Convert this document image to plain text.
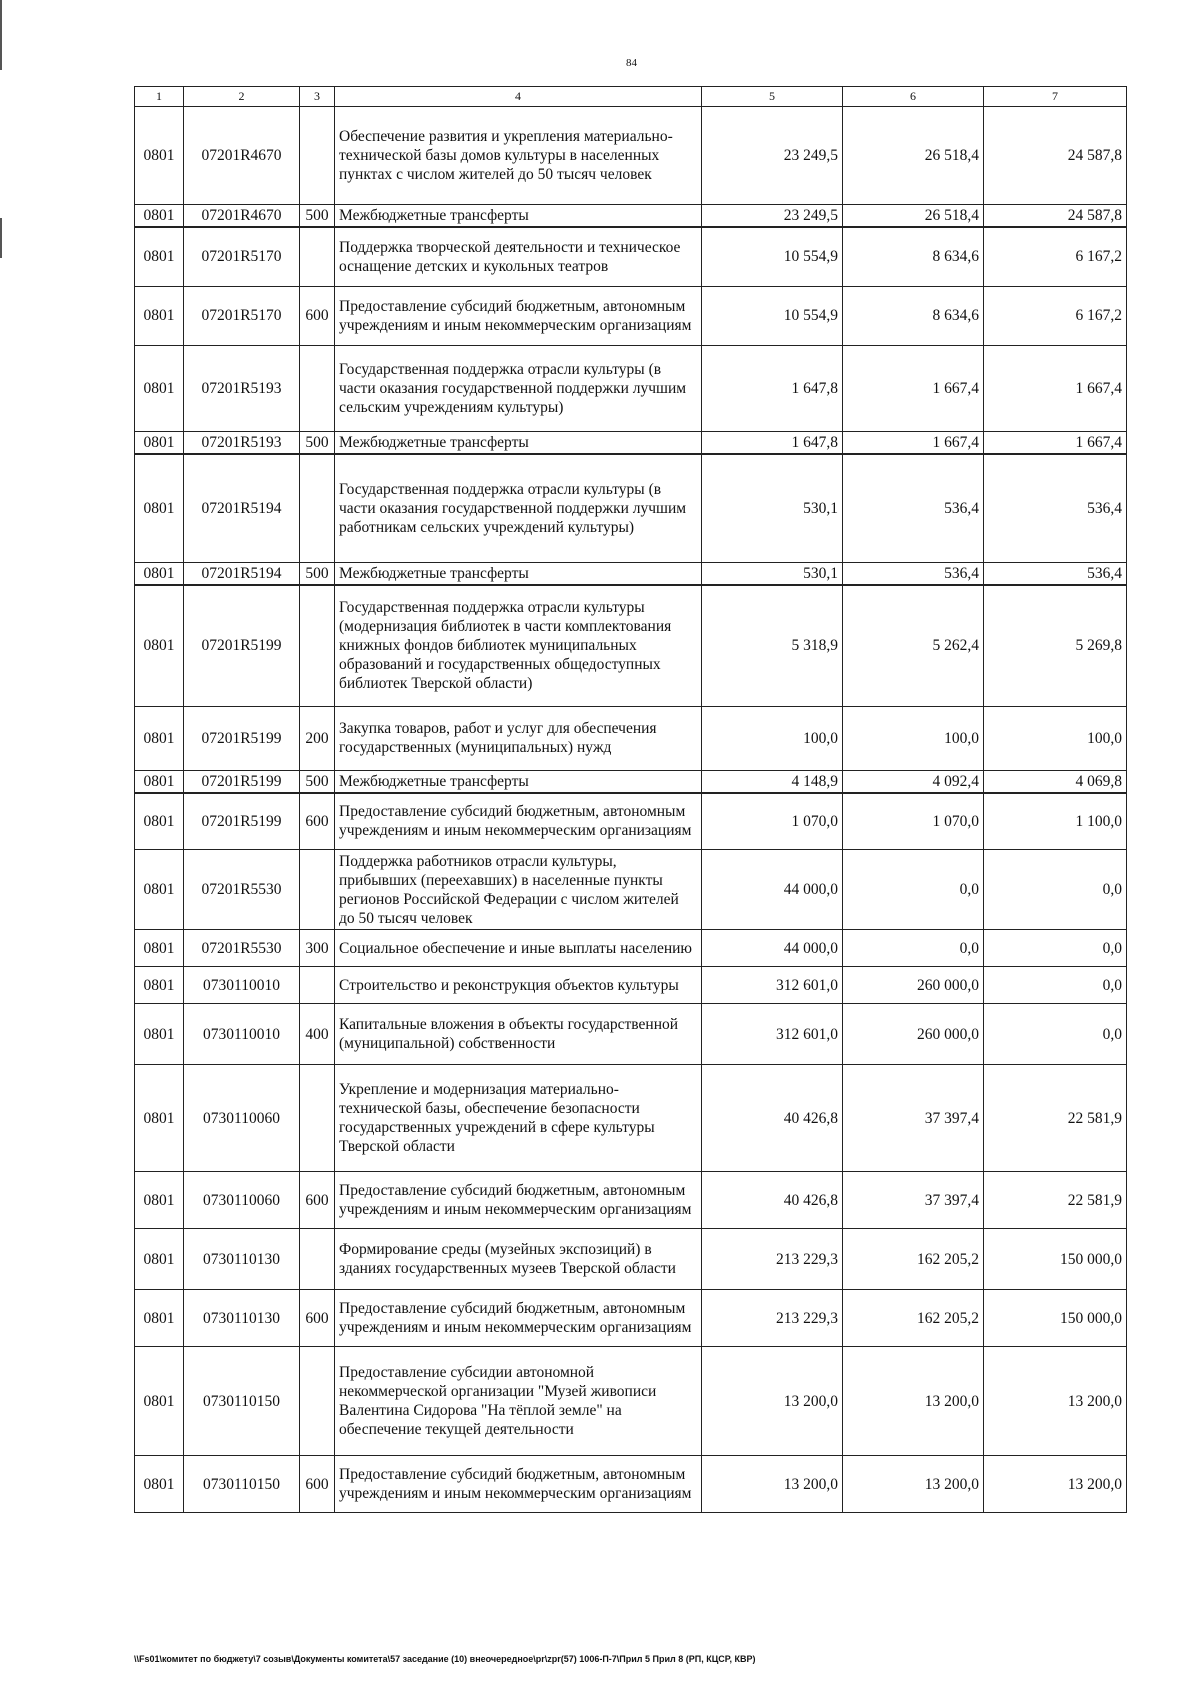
84
1	2	3	4	5	6	7
0801	07201R4670		Обеспечение развития и укрепления материально-технической базы домов культуры в населенных пунктах с числом жителей до 50 тысяч человек	23 249,5	26 518,4	24 587,8
0801	07201R4670	500	Межбюджетные трансферты	23 249,5	26 518,4	24 587,8
0801	07201R5170		Поддержка творческой деятельности и техническое оснащение детских и кукольных театров	10 554,9	8 634,6	6 167,2
0801	07201R5170	600	Предоставление субсидий бюджетным, автономным учреждениям и иным некоммерческим организациям	10 554,9	8 634,6	6 167,2
0801	07201R5193		Государственная поддержка отрасли культуры (в части оказания государственной поддержки лучшим сельским учреждениям культуры)	1 647,8	1 667,4	1 667,4
0801	07201R5193	500	Межбюджетные трансферты	1 647,8	1 667,4	1 667,4
0801	07201R5194		Государственная поддержка отрасли культуры (в части оказания государственной поддержки лучшим работникам сельских учреждений культуры)	530,1	536,4	536,4
0801	07201R5194	500	Межбюджетные трансферты	530,1	536,4	536,4
0801	07201R5199		Государственная поддержка отрасли культуры (модернизация библиотек в части комплектования книжных фондов библиотек муниципальных образований и государственных общедоступных библиотек Тверской области)	5 318,9	5 262,4	5 269,8
0801	07201R5199	200	Закупка товаров, работ и услуг для обеспечения государственных (муниципальных) нужд	100,0	100,0	100,0
0801	07201R5199	500	Межбюджетные трансферты	4 148,9	4 092,4	4 069,8
0801	07201R5199	600	Предоставление субсидий бюджетным, автономным учреждениям и иным некоммерческим организациям	1 070,0	1 070,0	1 100,0
0801	07201R5530		Поддержка работников отрасли культуры, прибывших (переехавших) в населенные пункты регионов Российской Федерации с числом жителей до 50 тысяч человек	44 000,0	0,0	0,0
0801	07201R5530	300	Социальное обеспечение и иные выплаты населению	44 000,0	0,0	0,0
0801	0730110010		Строительство и реконструкция объектов культуры	312 601,0	260 000,0	0,0
0801	0730110010	400	Капитальные вложения в объекты государственной (муниципальной) собственности	312 601,0	260 000,0	0,0
0801	0730110060		Укрепление и модернизация материально-технической базы, обеспечение безопасности государственных учреждений в сфере культуры Тверской области	40 426,8	37 397,4	22 581,9
0801	0730110060	600	Предоставление субсидий бюджетным, автономным учреждениям и иным некоммерческим организациям	40 426,8	37 397,4	22 581,9
0801	0730110130		Формирование среды (музейных экспозиций) в зданиях государственных музеев Тверской области	213 229,3	162 205,2	150 000,0
0801	0730110130	600	Предоставление субсидий бюджетным, автономным учреждениям и иным некоммерческим организациям	213 229,3	162 205,2	150 000,0
0801	0730110150		Предоставление субсидии автономной некоммерческой организации "Музей живописи Валентина Сидорова "На тёплой земле" на обеспечение текущей деятельности	13 200,0	13 200,0	13 200,0
0801	0730110150	600	Предоставление субсидий бюджетным, автономным учреждениям и иным некоммерческим организациям	13 200,0	13 200,0	13 200,0
\\Fs01\комитет по бюджету\7 созыв\Документы комитета\57 заседание (10) внеочередное\pr\zpr(57) 1006-П-7\Прил 5 Прил 8 (РП, КЦСР, КВР)
